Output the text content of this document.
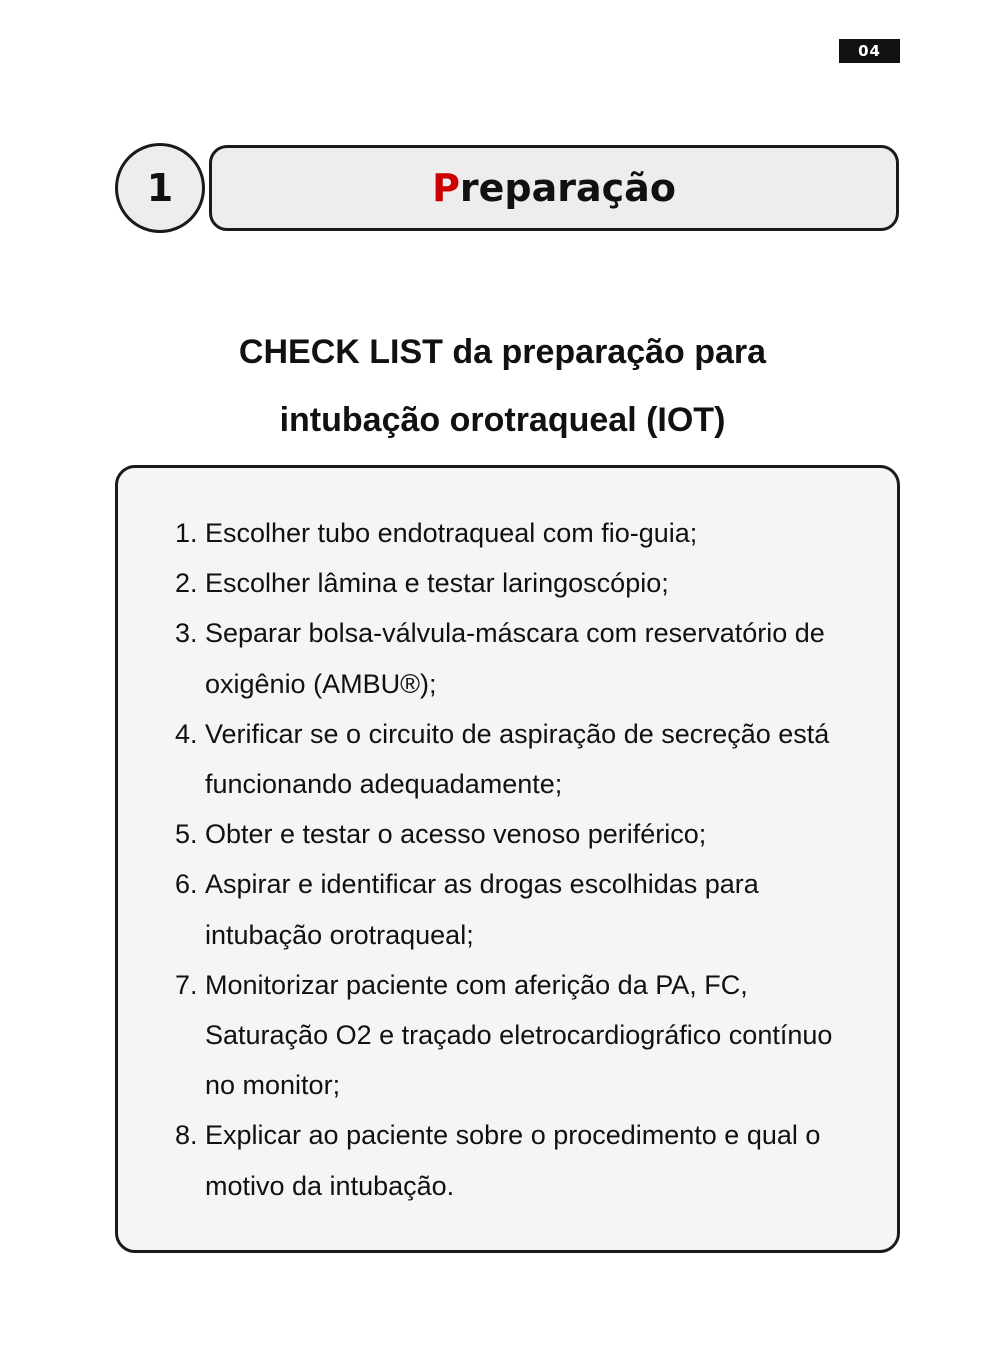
04
1	Preparação
CHECK LIST da preparação para
intubação orotraqueal (IOT)
1. Escolher tubo endotraqueal com fio-guia;
2. Escolher lâmina e testar laringoscópio;
3. Separar bolsa-válvula-máscara com reservatório de oxigênio (AMBU®);
4. Verificar se o circuito de aspiração de secreção está funcionando adequadamente;
5. Obter e testar o acesso venoso periférico;
6. Aspirar e identificar as drogas escolhidas para intubação orotraqueal;
7. Monitorizar paciente com aferição da PA, FC, Saturação O2 e traçado eletrocardiográfico contínuo no monitor;
8. Explicar ao paciente sobre o procedimento e qual o motivo da intubação.
